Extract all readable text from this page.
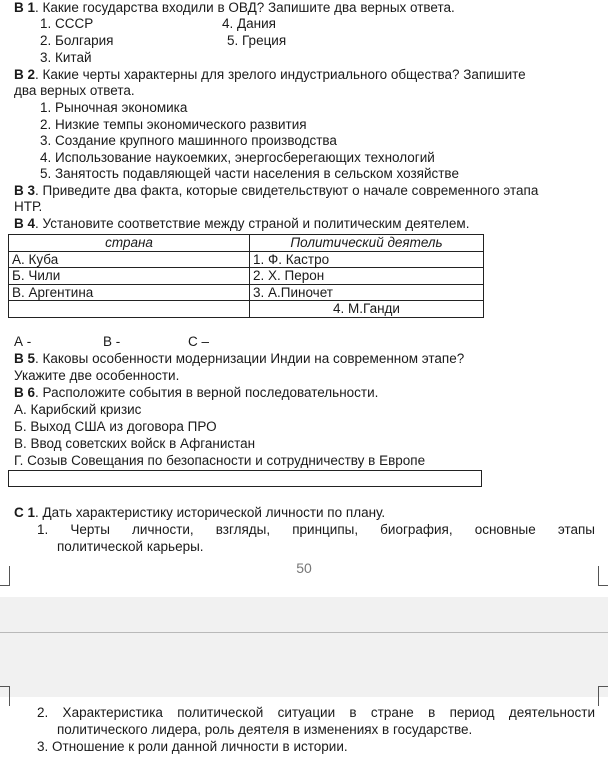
В 1. Какие государства входили в ОВД? Запишите два верных ответа.
1. СССР
2. Болгария
3. Китай
4. Дания
5. Греция
В 2. Какие черты характерны для зрелого индустриального общества? Запишите
два верных ответа.
1. Рыночная экономика
2. Низкие темпы экономического развития
3. Создание крупного машинного производства
4. Использование наукоемких, энергосберегающих технологий
5. Занятость подавляющей части населения в сельском хозяйстве
В 3. Приведите два факта, которые свидетельствуют о начале современного этапа
НТР.
В 4. Установите соответствие между страной и политическим деятелем.
страна	Политический деятель
А. Куба	1. Ф. Кастро
Б. Чили	2. Х. Перон
В. Аргентина	3. А.Пиночет
	4. М.Ганди
А -	В -	С –
В 5. Каковы особенности модернизации Индии на современном этапе?
Укажите две особенности.
В 6. Расположите события в верной последовательности.
А. Карибский кризис
Б. Выход США из договора ПРО
В. Ввод советских войск в Афганистан
Г. Созыв Совещания по безопасности и сотрудничеству в Европе
С 1. Дать характеристику исторической личности по плану.
1. Черты личности, взгляды, принципы, биография, основные этапы
политической карьеры.
50
2. Характеристика политической ситуации в стране в период деятельности
политического лидера, роль деятеля в изменениях в государстве.
3. Отношение к роли данной личности в истории.
